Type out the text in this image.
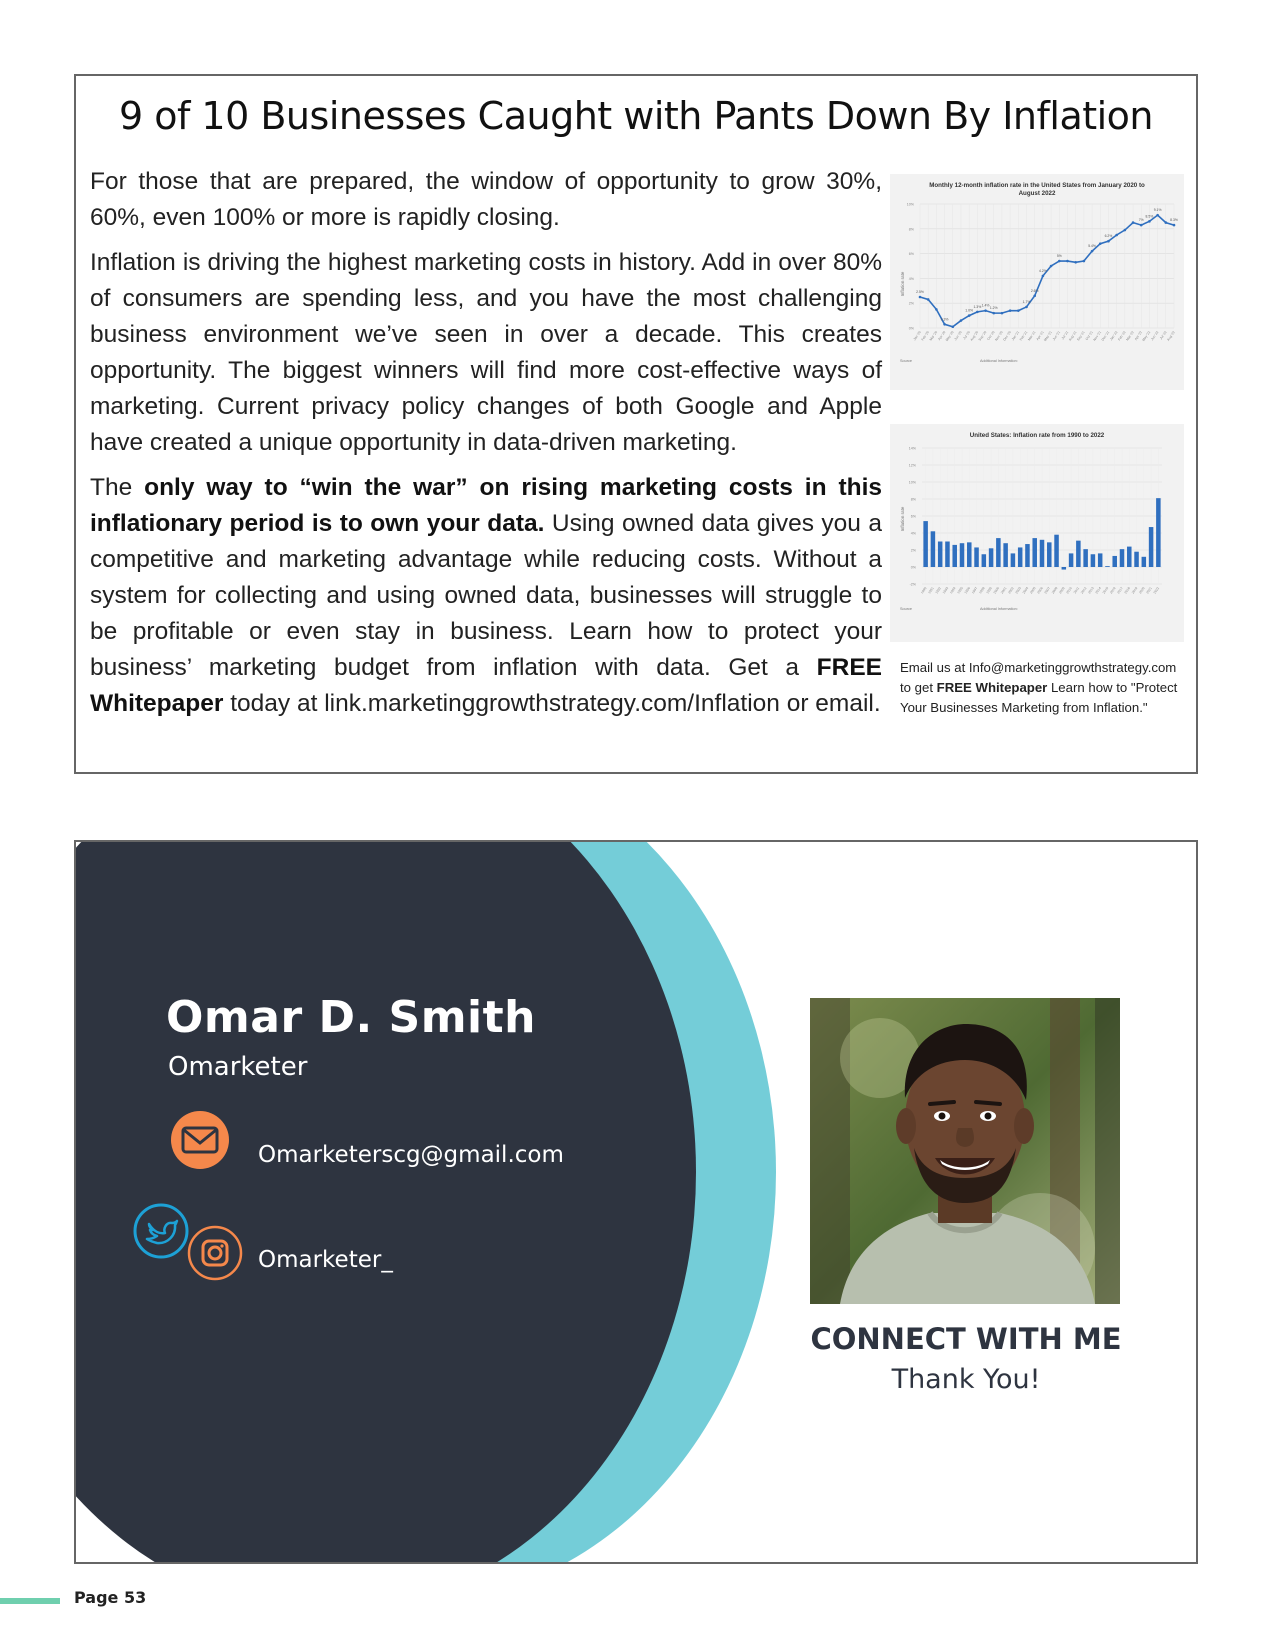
9 of 10 Businesses Caught with Pants Down By Inflation

For those that are prepared, the window of opportunity to grow 30%, 60%, even 100% or more is rapidly closing.

Inflation is driving the highest marketing costs in history. Add in over 80% of consumers are spending less, and you have the most challenging business environment we’ve seen in over a decade. This creates opportunity. The biggest winners will find more cost-effective ways of marketing. Current privacy policy changes of both Google and Apple have created a unique opportunity in data-driven marketing.

The only way to “win the war” on rising marketing costs in this inflationary period is to own your data. Using owned data gives you a competitive and marketing advantage while reducing costs. Without a system for collecting and using owned data, businesses will struggle to be profitable or even stay in business. Learn how to protect your business’ marketing budget from inflation with data. Get a FREE Whitepaper today at link.marketinggrowthstrategy.com/Inflation or email.

Monthly 12-month inflation rate in the United States from January 2020 to
August 2022
0%
2%
4%
6%
8%
10%
Jan '20
Feb '20
Mar '20
Apr '20
May '20
Jun '20 Jul '20
Aug '20
Sep '20
Oct '20
Nov '20
Dec '20
Jan '21
Feb '21
Mar '21
Apr '21
May '21
Jun '21 Jul '21
Aug '21
Sep '21
Oct '21
Nov '21
Dec '21
Jan '22
Feb '22
Mar '22
Apr '22
May '22
Jun '22 Jul '22
Aug '22
2.5%
0.3%
1.0%
1.3% 1.4%
1.2%
1.7%
2.6%
4.2%
5%
5.4%
6.2%
7%
8.5%
8.3%
9.1%
Inflation rate
Source	Additional Information:
United States: Inflation rate from 1990 to 2022
-2%
0%
2%
4%
6%
8%
10%
12%
14%
1990 1991 1992 1993 1994 1995 1996 1997 1998 1999 2000 2001 2002 2003 2004 2005 2006 2007 2008 2009 2010 2011 2012 2013 2014 2015 2016 2017 2018 2019 2020 2021 2022
Inflation rate
Source	Additional Information:
Email us at Info@marketinggrowthstrategy.com to get FREE Whitepaper Learn how to "Protect Your Businesses Marketing from Inflation."
Omar D. Smith
Omarketer
Omarketerscg@gmail.com
Omarketer_
CONNECT WITH ME
Thank You!
Page 53
